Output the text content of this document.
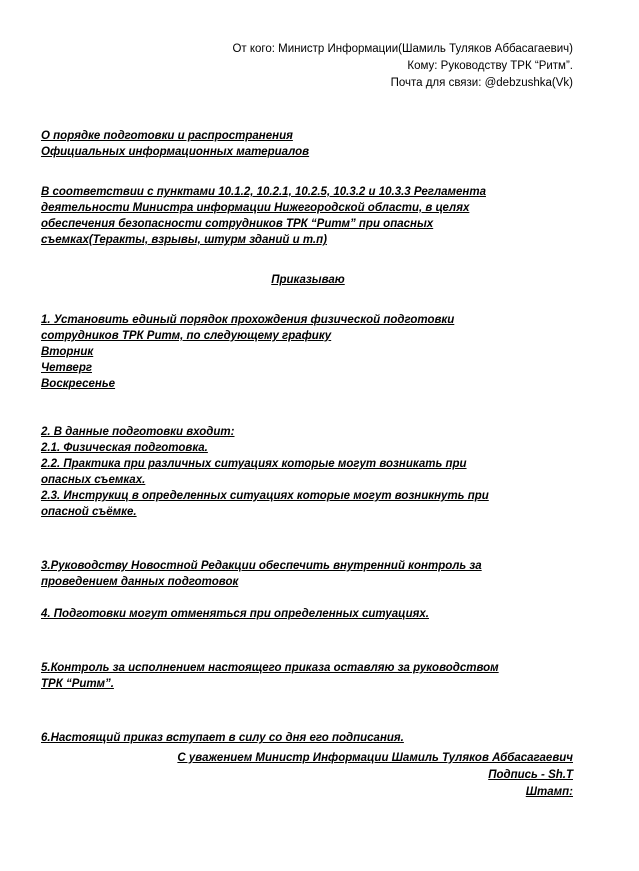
От кого: Министр Информации(Шамиль Туляков Аббасагаевич)
Кому: Руководству ТРК “Ритм”.
Почта для связи: @debzushka(Vk)
О порядке подготовки и распространения
Официальных информационных материалов
В соответствии с пунктами 10.1.2, 10.2.1, 10.2.5, 10.3.2 и 10.3.3 Регламента
деятельности Министра информации Нижегородской области, в целях
обеспечения безопасности сотрудников ТРК “Ритм” при опасных
съемках(Теракты, взрывы, штурм зданий и т.п)
Приказываю
1. Установить единый порядок прохождения физической подготовки
сотрудников ТРК Ритм, по следующему графику
Вторник
Четверг
Воскресенье
2. В данные подготовки входит:
2.1. Физическая подготовка.
2.2. Практика при различных ситуациях которые могут возникать при
опасных съемках.
2.3. Инструкиц в определенных ситуациях которые могут возникнуть при
опасной съёмке.
3.Руководству Новостной Редакции обеспечить внутренний контроль за
проведением данных подготовок
4. Подготовки могут отменяться при определенных ситуациях.
5.Контроль за исполнением настоящего приказа оставляю за руководством
ТРК “Ритм”.
6.Настоящий приказ вступает в силу со дня его подписания.
С уважением Министр Информации Шамиль Туляков Аббасагаевич
Подпись - Sh.T
Штамп:
